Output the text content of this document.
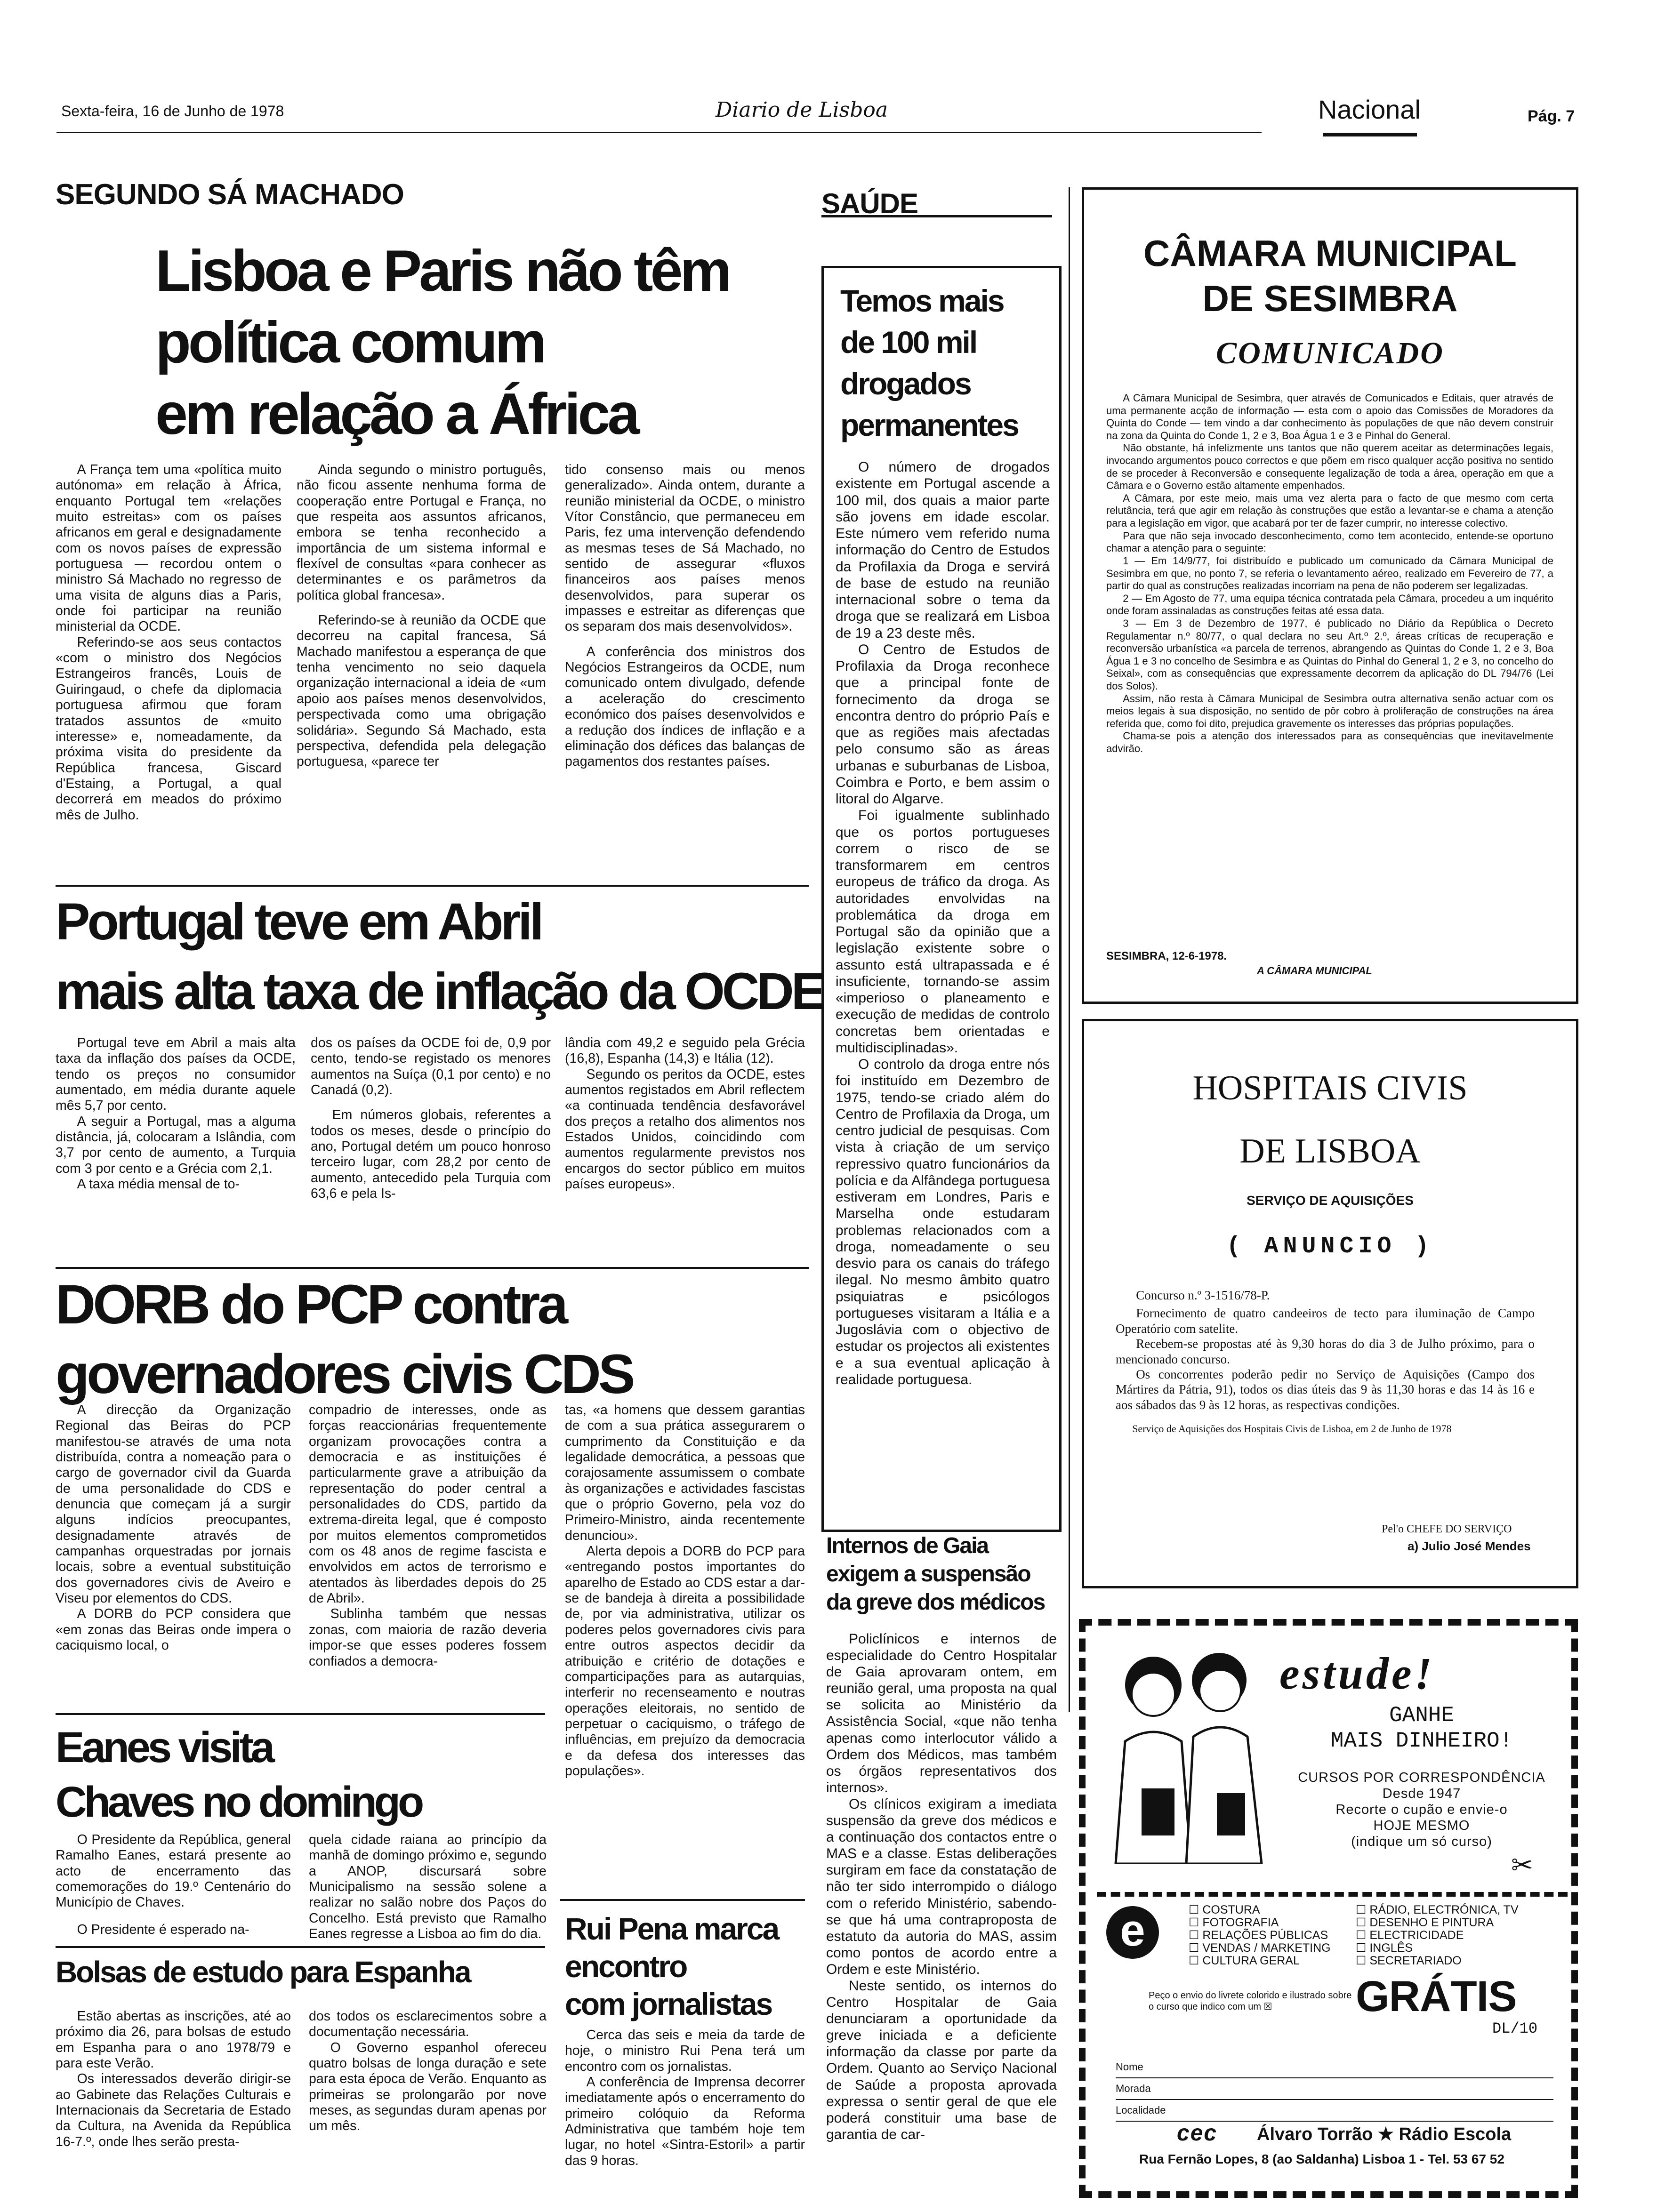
Sexta-feira, 16 de Junho de 1978	Diario de Lisboa	Nacional	Pág. 7
SEGUNDO SÁ MACHADO
Lisboa e Paris não têm
política comum
em relação a África

A França tem uma «política muito autónoma» em relação à África, enquanto Portugal tem «relações muito estreitas» com os países africanos em geral e designadamente com os novos países de expressão portuguesa — recordou ontem o ministro Sá Machado no regresso de uma visita de alguns dias a Paris, onde foi participar na reunião ministerial da OCDE.

Referindo-se aos seus contactos «com o ministro dos Negócios Estrangeiros francês, Louis de Guiringaud, o chefe da diplomacia portuguesa afirmou que foram tratados assuntos de «muito interesse» e, nomeadamente, da próxima visita do presidente da República francesa, Giscard d'Estaing, a Portugal, a qual decorrerá em meados do próximo mês de Julho.

Ainda segundo o ministro português, não ficou assente nenhuma forma de cooperação entre Portugal e França, no que respeita aos assuntos africanos, embora se tenha reconhecido a importância de um sistema informal e flexível de consultas «para conhecer as determinantes e os parâmetros da política global francesa».

Referindo-se à reunião da OCDE que decorreu na capital francesa, Sá Machado manifestou a esperança de que tenha vencimento no seio daquela organização internacional a ideia de «um apoio aos países menos desenvolvidos, perspectivada como uma obrigação solidária». Segundo Sá Machado, esta perspectiva, defendida pela delegação portuguesa, «parece ter

tido consenso mais ou menos generalizado». Ainda ontem, durante a reunião ministerial da OCDE, o ministro Vítor Constâncio, que permaneceu em Paris, fez uma intervenção defendendo as mesmas teses de Sá Machado, no sentido de assegurar «fluxos financeiros aos países menos desenvolvidos, para superar os impasses e estreitar as diferenças que os separam dos mais desenvolvidos».

A conferência dos ministros dos Negócios Estrangeiros da OCDE, num comunicado ontem divulgado, defende a aceleração do crescimento económico dos países desenvolvidos e a redução dos índices de inflação e a eliminação dos défices das balanças de pagamentos dos restantes países.

Portugal teve em Abril
mais alta taxa de inflação da OCDE

Portugal teve em Abril a mais alta taxa da inflação dos países da OCDE, tendo os preços no consumidor aumentado, em média durante aquele mês 5,7 por cento.

A seguir a Portugal, mas a alguma distância, já, colocaram a Islândia, com 3,7 por cento de aumento, a Turquia com 3 por cento e a Grécia com 2,1.

A taxa média mensal de to-

dos os países da OCDE foi de, 0,9 por cento, tendo-se registado os menores aumentos na Suíça (0,1 por cento) e no Canadá (0,2).

Em números globais, referentes a todos os meses, desde o princípio do ano, Portugal detém um pouco honroso terceiro lugar, com 28,2 por cento de aumento, antecedido pela Turquia com 63,6 e pela Is-

lândia com 49,2 e seguido pela Grécia (16,8), Espanha (14,3) e Itália (12).

Segundo os peritos da OCDE, estes aumentos registados em Abril reflectem «a continuada tendência desfavorável dos preços a retalho dos alimentos nos Estados Unidos, coincidindo com aumentos regularmente previstos nos encargos do sector público em muitos países europeus».

DORB do PCP contra
governadores civis CDS

A direcção da Organização Regional das Beiras do PCP manifestou-se através de uma nota distribuída, contra a nomeação para o cargo de governador civil da Guarda de uma personalidade do CDS e denuncia que começam já a surgir alguns indícios preocupantes, designadamente através de campanhas orquestradas por jornais locais, sobre a eventual substituição dos governadores civis de Aveiro e Viseu por elementos do CDS.

A DORB do PCP considera que «em zonas das Beiras onde impera o caciquismo local, o

compadrio de interesses, onde as forças reaccionárias frequentemente organizam provocações contra a democracia e as instituições é particularmente grave a atribuição da representação do poder central a personalidades do CDS, partido da extrema-direita legal, que é composto por muitos elementos comprometidos com os 48 anos de regime fascista e envolvidos em actos de terrorismo e atentados às liberdades depois do 25 de Abril».

Sublinha também que nessas zonas, com maioria de razão deveria impor-se que esses poderes fossem confiados a democra-

tas, «a homens que dessem garantias de com a sua prática assegurarem o cumprimento da Constituição e da legalidade democrática, a pessoas que corajosamente assumissem o combate às organizações e actividades fascistas que o próprio Governo, pela voz do Primeiro-Ministro, ainda recentemente denunciou».

Alerta depois a DORB do PCP para «entregando postos importantes do aparelho de Estado ao CDS estar a dar-se de bandeja à direita a possibilidade de, por via administrativa, utilizar os poderes pelos governadores civis para entre outros aspectos decidir da atribuição e critério de dotações e comparticipações para as autarquias, interferir no recenseamento e noutras operações eleitorais, no sentido de perpetuar o caciquismo, o tráfego de influências, em prejuízo da democracia e da defesa dos interesses das populações».

Eanes visita
Chaves no domingo

O Presidente da República, general Ramalho Eanes, estará presente ao acto de encerramento das comemorações do 19.º Centenário do Município de Chaves.

O Presidente é esperado na-

quela cidade raiana ao princípio da manhã de domingo próximo e, segundo a ANOP, discursará sobre Municipalismo na sessão solene a realizar no salão nobre dos Paços do Concelho. Está previsto que Ramalho Eanes regresse a Lisboa ao fim do dia.

Bolsas de estudo para Espanha

Estão abertas as inscrições, até ao próximo dia 26, para bolsas de estudo em Espanha para o ano 1978/79 e para este Verão.

Os interessados deverão dirigir-se ao Gabinete das Relações Culturais e Internacionais da Secretaria de Estado da Cultura, na Avenida da República 16-7.º, onde lhes serão presta-

dos todos os esclarecimentos sobre a documentação necessária.

O Governo espanhol ofereceu quatro bolsas de longa duração e sete para esta época de Verão. Enquanto as primeiras se prolongarão por nove meses, as segundas duram apenas por um mês.

Rui Pena marca
encontro
com jornalistas

Cerca das seis e meia da tarde de hoje, o ministro Rui Pena terá um encontro com os jornalistas.

A conferência de Imprensa decorrer imediatamente após o encerramento do primeiro colóquio da Reforma Administrativa que também hoje tem lugar, no hotel «Sintra-Estoril» a partir das 9 horas.

SAÚDE
Temos mais
de 100 mil
drogados
permanentes

O número de drogados existente em Portugal ascende a 100 mil, dos quais a maior parte são jovens em idade escolar. Este número vem referido numa informação do Centro de Estudos da Profilaxia da Droga e servirá de base de estudo na reunião internacional sobre o tema da droga que se realizará em Lisboa de 19 a 23 deste mês.

O Centro de Estudos de Profilaxia da Droga reconhece que a principal fonte de fornecimento da droga se encontra dentro do próprio País e que as regiões mais afectadas pelo consumo são as áreas urbanas e suburbanas de Lisboa, Coimbra e Porto, e bem assim o litoral do Algarve.

Foi igualmente sublinhado que os portos portugueses correm o risco de se transformarem em centros europeus de tráfico da droga. As autoridades envolvidas na problemática da droga em Portugal são da opinião que a legislação existente sobre o assunto está ultrapassada e é insuficiente, tornando-se assim «imperioso o planeamento e execução de medidas de controlo concretas bem orientadas e multidisciplinadas».

O controlo da droga entre nós foi instituído em Dezembro de 1975, tendo-se criado além do Centro de Profilaxia da Droga, um centro judicial de pesquisas. Com vista à criação de um serviço repressivo quatro funcionários da polícia e da Alfândega portuguesa estiveram em Londres, Paris e Marselha onde estudaram problemas relacionados com a droga, nomeadamente o seu desvio para os canais do tráfego ilegal. No mesmo âmbito quatro psiquiatras e psicólogos portugueses visitaram a Itália e a Jugoslávia com o objectivo de estudar os projectos ali existentes e a sua eventual aplicação à realidade portuguesa.

Internos de Gaia
exigem a suspensão
da greve dos médicos

Policlínicos e internos de especialidade do Centro Hospitalar de Gaia aprovaram ontem, em reunião geral, uma proposta na qual se solicita ao Ministério da Assistência Social, «que não tenha apenas como interlocutor válido a Ordem dos Médicos, mas também os órgãos representativos dos internos».

Os clínicos exigiram a imediata suspensão da greve dos médicos e a continuação dos contactos entre o MAS e a classe. Estas deliberações surgiram em face da constatação de não ter sido interrompido o diálogo com o referido Ministério, sabendo-se que há uma contraproposta de estatuto da autoria do MAS, assim como pontos de acordo entre a Ordem e este Ministério.

Neste sentido, os internos do Centro Hospitalar de Gaia denunciaram a oportunidade da greve iniciada e a deficiente informação da classe por parte da Ordem. Quanto ao Serviço Nacional de Saúde a proposta aprovada expressa o sentir geral de que ele poderá constituir uma base de garantia de car-

CÂMARA MUNICIPAL
DE SESIMBRA
COMUNICADO

A Câmara Municipal de Sesimbra, quer através de Comunicados e Editais, quer através de uma permanente acção de informação — esta com o apoio das Comissões de Moradores da Quinta do Conde — tem vindo a dar conhecimento às populações de que não devem construir na zona da Quinta do Conde 1, 2 e 3, Boa Água 1 e 3 e Pinhal do General.

Não obstante, há infelizmente uns tantos que não querem aceitar as determinações legais, invocando argumentos pouco correctos e que põem em risco qualquer acção positiva no sentido de se proceder à Reconversão e consequente legalização de toda a área, operação em que a Câmara e o Governo estão altamente empenhados.

A Câmara, por este meio, mais uma vez alerta para o facto de que mesmo com certa relutância, terá que agir em relação às construções que estão a levantar-se e chama a atenção para a legislação em vigor, que acabará por ter de fazer cumprir, no interesse colectivo.

Para que não seja invocado desconhecimento, como tem acontecido, entende-se oportuno chamar a atenção para o seguinte:

1 — Em 14/9/77, foi distribuído e publicado um comunicado da Câmara Municipal de Sesimbra em que, no ponto 7, se referia o levantamento aéreo, realizado em Fevereiro de 77, a partir do qual as construções realizadas incorriam na pena de não poderem ser legalizadas.

2 — Em Agosto de 77, uma equipa técnica contratada pela Câmara, procedeu a um inquérito onde foram assinaladas as construções feitas até essa data.

3 — Em 3 de Dezembro de 1977, é publicado no Diário da República o Decreto Regulamentar n.º 80/77, o qual declara no seu Art.º 2.º, áreas críticas de recuperação e reconversão urbanística «a parcela de terrenos, abrangendo as Quintas do Conde 1, 2 e 3, Boa Água 1 e 3 no concelho de Sesimbra e as Quintas do Pinhal do General 1, 2 e 3, no concelho do Seixal», com as consequências que expressamente decorrem da aplicação do DL 794/76 (Lei dos Solos).

Assim, não resta à Câmara Municipal de Sesimbra outra alternativa senão actuar com os meios legais à sua disposição, no sentido de pôr cobro à proliferação de construções na área referida que, como foi dito, prejudica gravemente os interesses das próprias populações.

Chama-se pois a atenção dos interessados para as consequências que inevitavelmente advirão.

SESIMBRA, 12-6-1978.
A CÂMARA MUNICIPAL
HOSPITAIS CIVIS
DE LISBOA
SERVIÇO DE AQUISIÇÕES
( ANUNCIO )

Concurso n.º 3-1516/78-P.

Fornecimento de quatro candeeiros de tecto para iluminação de Campo Operatório com satelite.

Recebem-se propostas até às 9,30 horas do dia 3 de Julho próximo, para o mencionado concurso.

Os concorrentes poderão pedir no Serviço de Aquisições (Campo dos Mártires da Pátria, 91), todos os dias úteis das 9 às 11,30 horas e das 14 às 16 e aos sábados das 9 às 12 horas, as respectivas condições.

Serviço de Aquisições dos Hospitais Civis de Lisboa, em 2 de Junho de 1978

Pel'o CHEFE DO SERVIÇO
a) Julio José Mendes
estude!
GANHE
MAIS DINHEIRO!
CURSOS POR CORRESPONDÊNCIA
Desde 1947
Recorte o cupão e envie-o
HOJE MESMO
(indique um só curso)
✂
e	☐ COSTURA
☐ FOTOGRAFIA
☐ RELAÇÕES PÚBLICAS
☐ VENDAS / MARKETING
☐ CULTURA GERAL
☐ RÁDIO, ELECTRÓNICA, TV
☐ DESENHO E PINTURA
☐ ELECTRICIDADE
☐ INGLÊS
☐ SECRETARIADO
Peço o envio do livrete colorido e ilustrado sobre o curso que indico com um ☒	GRÁTIS
DL/10
Nome
Morada
Localidade
cec Álvaro Torrão ★ Rádio Escola
Rua Fernão Lopes, 8 (ao Saldanha) Lisboa 1 - Tel. 53 67 52
